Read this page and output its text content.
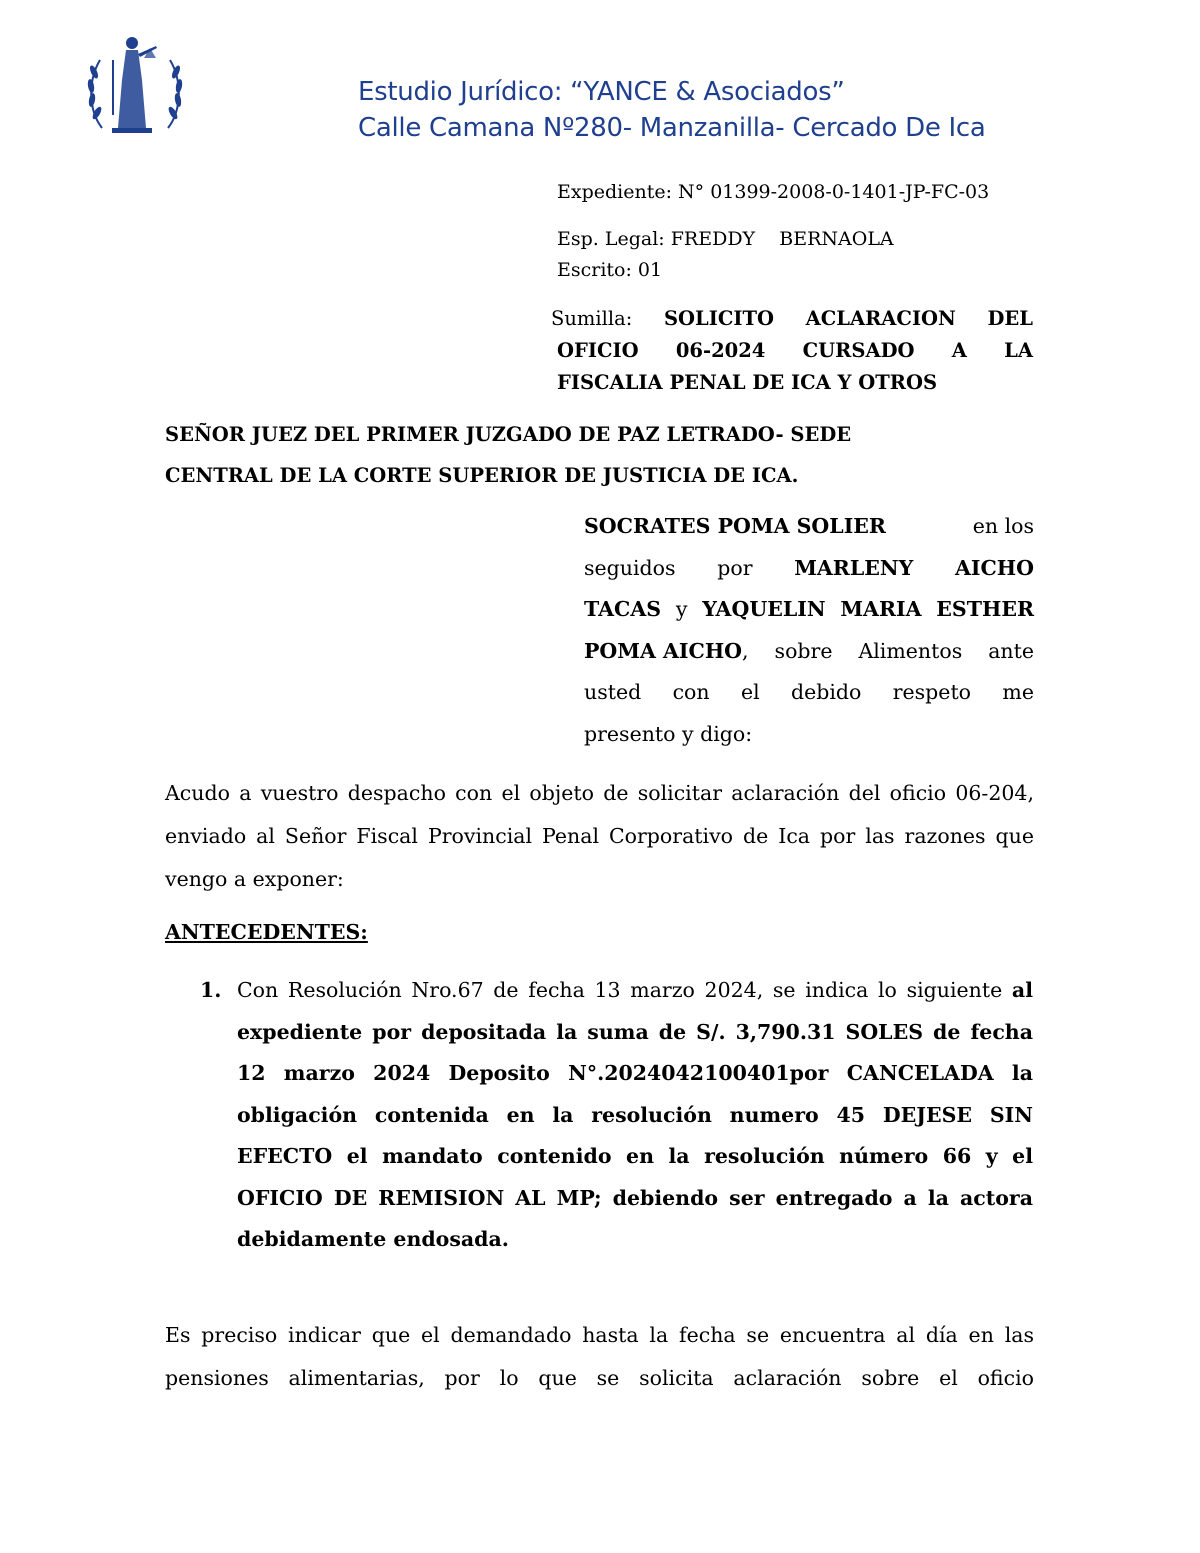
Estudio Jurídico: “YANCE & Asociados”
Calle Camana Nº280- Manzanilla- Cercado De Ica
Expediente: N° 01399-2008-0-1401-JP-FC-03
Esp. Legal: FREDDY    BERNAOLA
Escrito: 01
Sumilla: SOLICITO ACLARACION DEL
OFICIO 06-2024 CURSADO A LA
FISCALIA PENAL DE ICA Y OTROS
SEÑOR JUEZ DEL PRIMER JUZGADO DE PAZ LETRADO- SEDE
CENTRAL DE LA CORTE SUPERIOR DE JUSTICIA DE ICA.
SOCRATES POMA SOLIER	en los
seguidos por MARLENY AICHO
TACAS y YAQUELIN MARIA ESTHER
POMA AICHO, sobre Alimentos ante
usted con el debido respeto me
presento y digo:
Acudo a vuestro despacho con el objeto de solicitar aclaración del oficio 06-204, enviado al Señor Fiscal Provincial Penal Corporativo de Ica por las razones que vengo a exponer:
ANTECEDENTES:
1. Con Resolución Nro.67 de fecha 13 marzo 2024, se indica lo siguiente al expediente por depositada la suma de S/. 3,790.31 SOLES de fecha 12 marzo 2024 Deposito N°.2024042100401por CANCELADA la obligación contenida en la resolución numero 45 DEJESE SIN EFECTO el mandato contenido en la resolución número 66 y el OFICIO DE REMISION AL MP; debiendo ser entregado a la actora debidamente endosada.
Es preciso indicar que el demandado hasta la fecha se encuentra al día en las pensiones alimentarias, por lo que se solicita aclaración sobre el oficio
